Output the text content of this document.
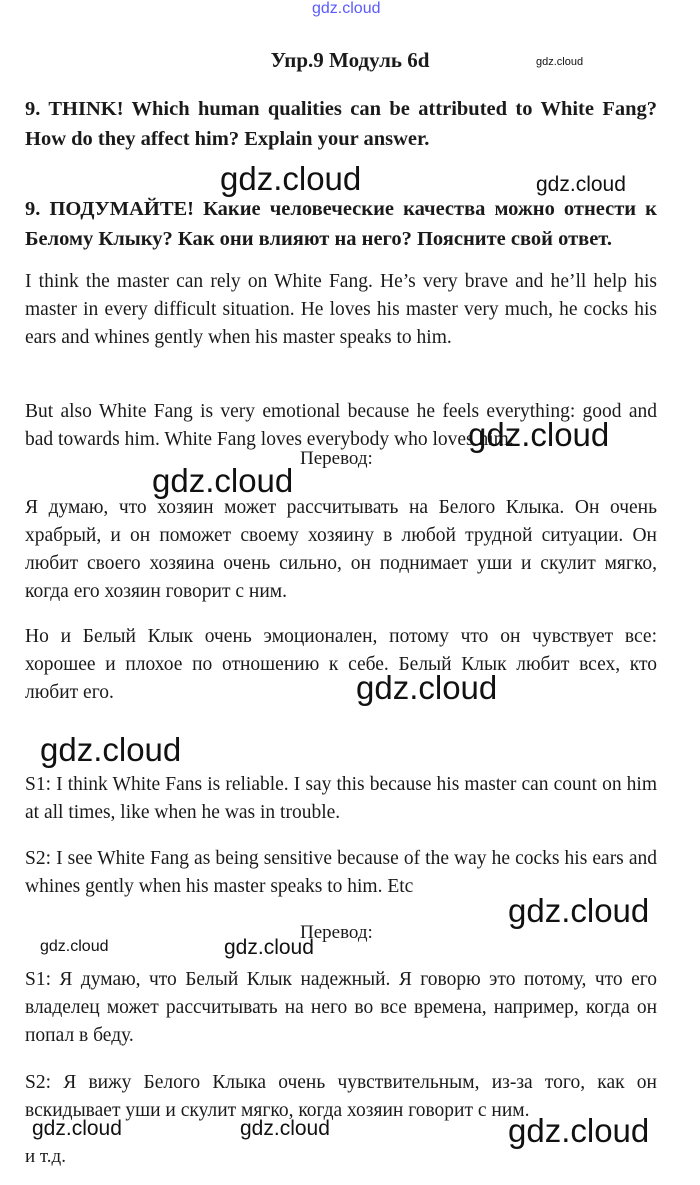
gdz.cloud
Упр.9 Модуль 6d	gdz.cloud

9. THINK! Which human qualities can be attributed to White Fang? How do they affect him? Explain your answer.

gdz.cloud	gdz.cloud

9. ПОДУМАЙТЕ! Какие человеческие качества можно отнести к Белому Клыку? Как они влияют на него? Поясните свой ответ.

I think the master can rely on White Fang. He’s very brave and he’ll help his master in every difficult situation. He loves his master very much, he cocks his ears and whines gently when his master speaks to him.

But also White Fang is very emotional because he feels everything: good and bad towards him. White Fang loves everybody who loves him.

gdz.cloud
Перевод:
gdz.cloud

Я думаю, что хозяин может рассчитывать на Белого Клыка. Он очень храбрый, и он поможет своему хозяину в любой трудной ситуации. Он любит своего хозяина очень сильно, он поднимает уши и скулит мягко, когда его хозяин говорит с ним.

Но и Белый Клык очень эмоционален, потому что он чувствует все: хорошее и плохое по отношению к себе. Белый Клык любит всех, кто любит его.	gdz.cloud
gdz.cloud

S1: I think White Fans is reliable. I say this because his master can count on him at all times, like when he was in trouble.

S2: I see White Fang as being sensitive because of the way he cocks his ears and whines gently when his master speaks to him. Etc

gdz.cloud
Перевод:
gdz.cloud	gdz.cloud

S1: Я думаю, что Белый Клык надежный. Я говорю это потому, что его владелец может рассчитывать на него во все времена, например, когда он попал в беду.

S2: Я вижу Белого Клыка очень чувствительным, из-за того, как он вскидывает уши и скулит мягко, когда хозяин говорит с ним.

gdz.cloud	gdz.cloud	gdz.cloud
и т.д.
